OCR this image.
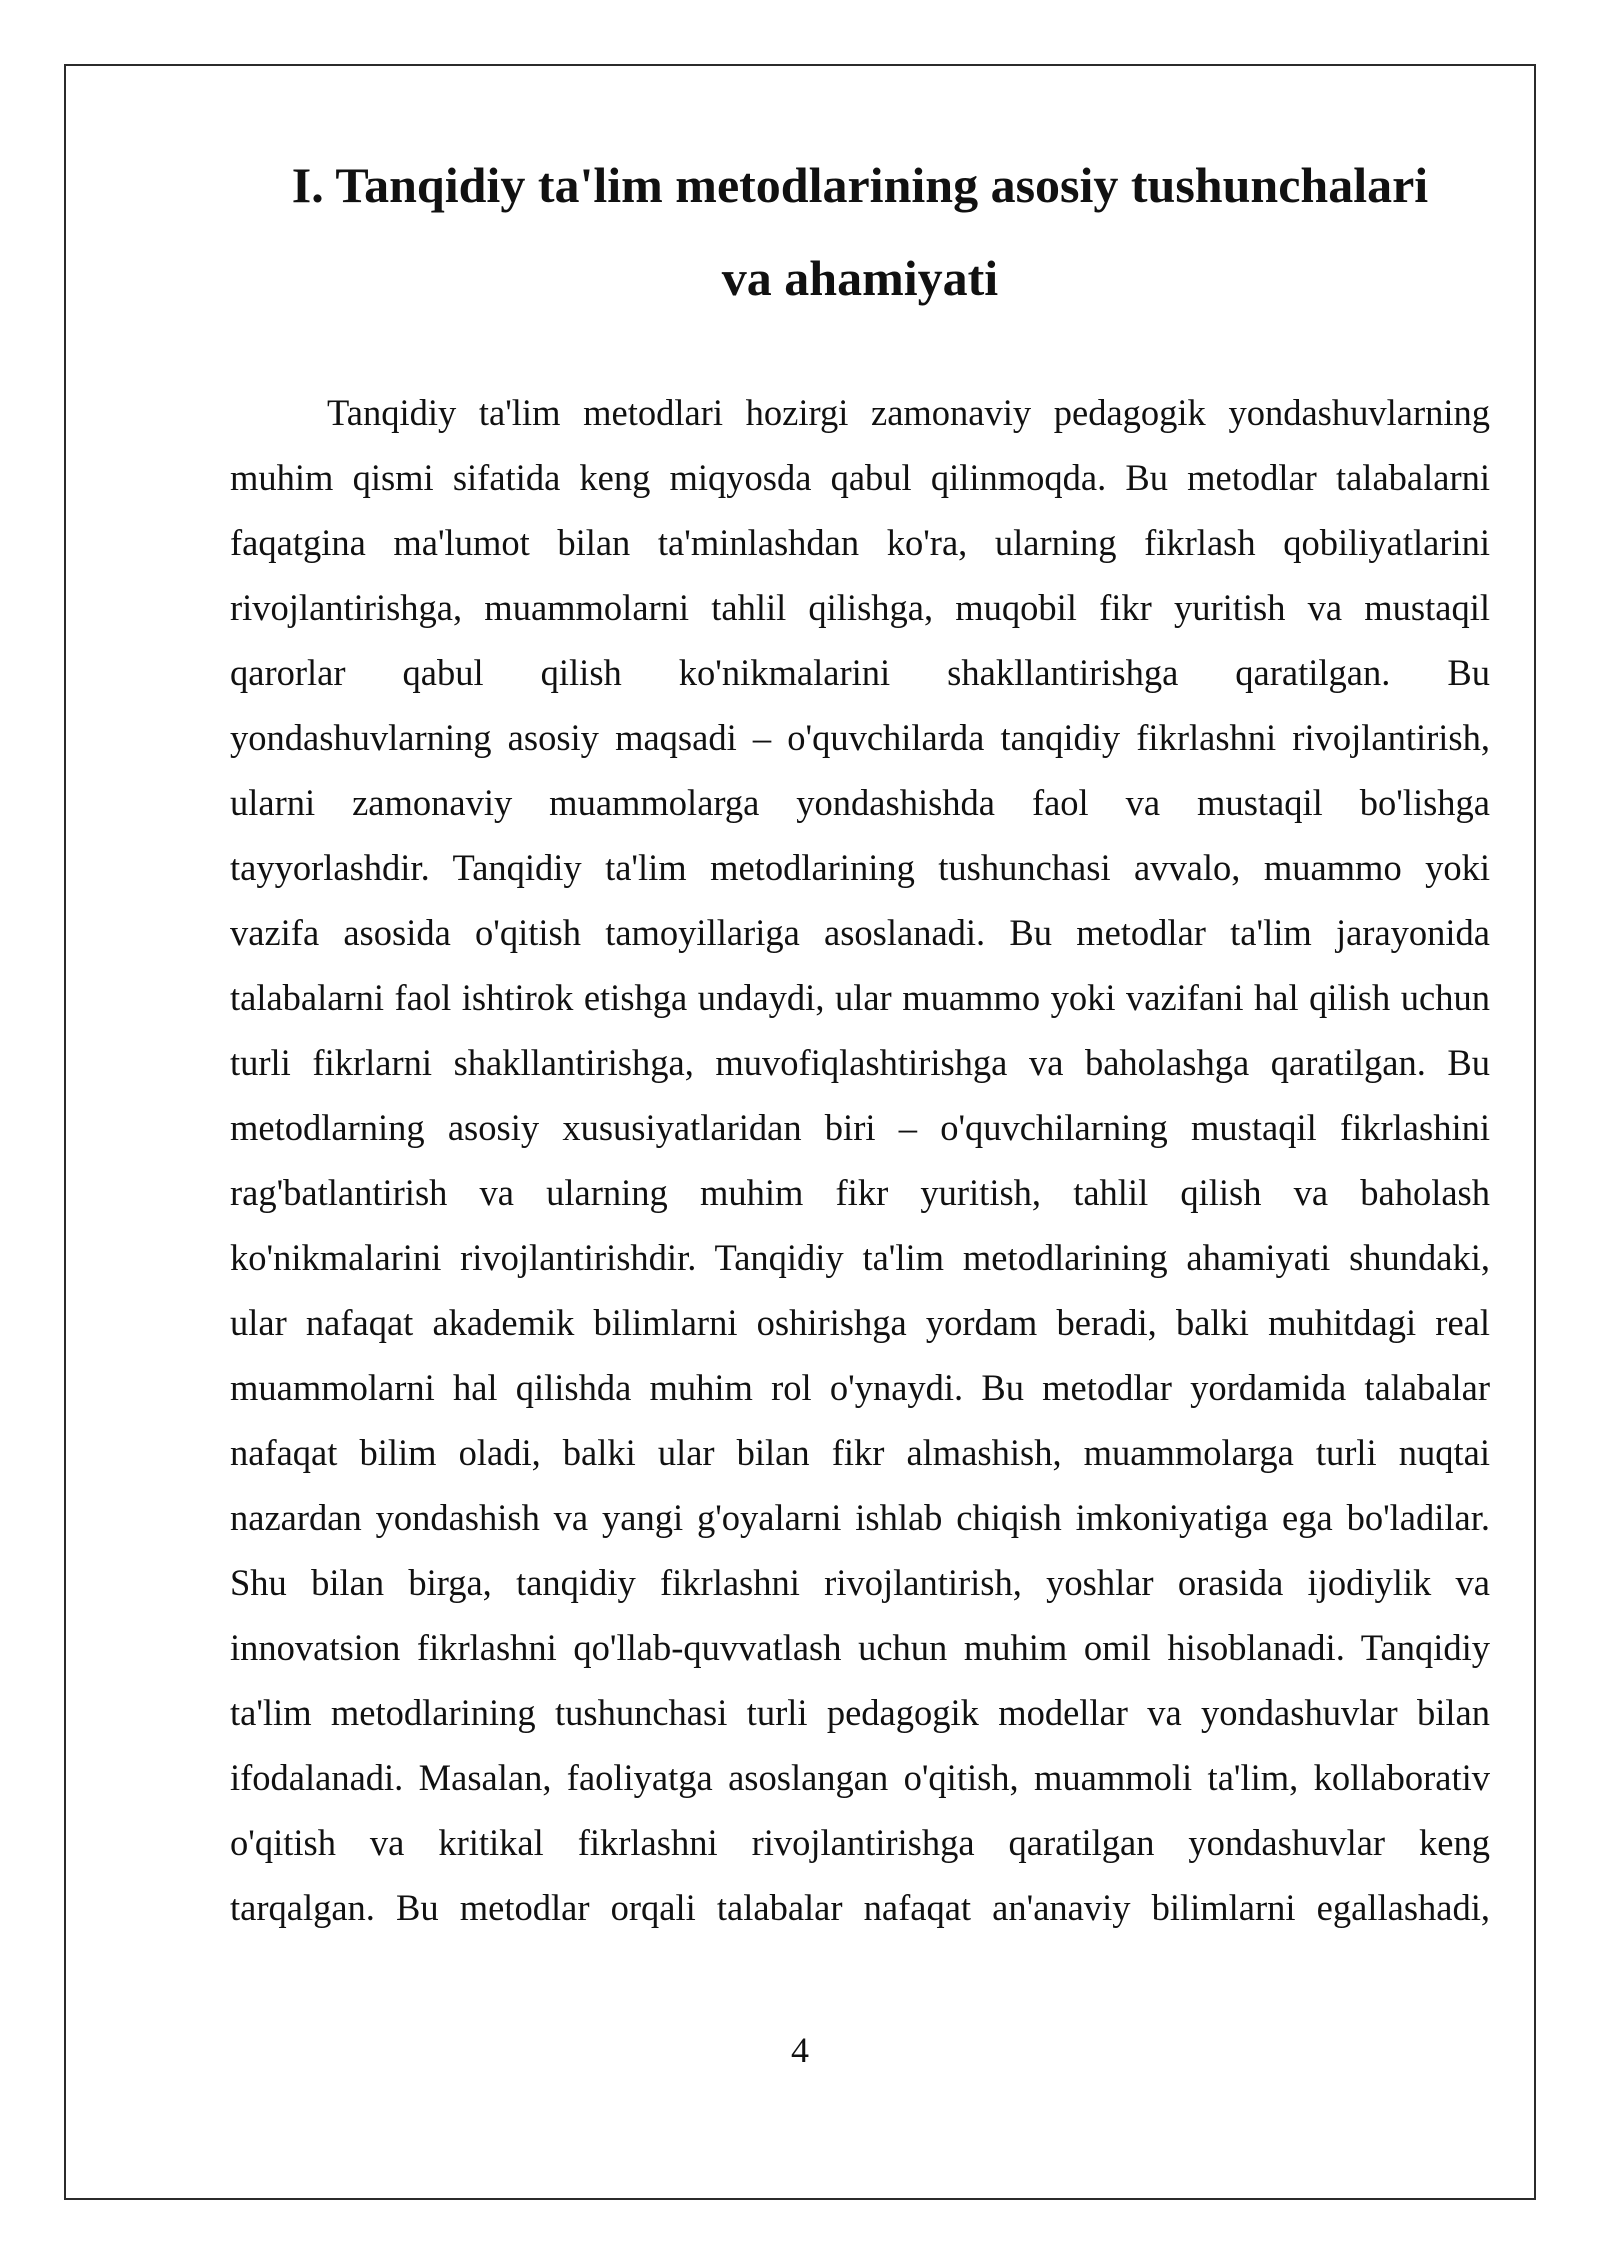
I. Tanqidiy ta'lim metodlarining asosiy tushunchalari
va ahamiyati
Tanqidiy ta'lim metodlari hozirgi zamonaviy pedagogik yondashuvlarning
muhim qismi sifatida keng miqyosda qabul qilinmoqda. Bu metodlar talabalarni
faqatgina ma'lumot bilan ta'minlashdan ko'ra, ularning fikrlash qobiliyatlarini
rivojlantirishga, muammolarni tahlil qilishga, muqobil fikr yuritish va mustaqil
qarorlar qabul qilish ko'nikmalarini shakllantirishga qaratilgan. Bu
yondashuvlarning asosiy maqsadi – o'quvchilarda tanqidiy fikrlashni rivojlantirish,
ularni zamonaviy muammolarga yondashishda faol va mustaqil bo'lishga
tayyorlashdir. Tanqidiy ta'lim metodlarining tushunchasi avvalo, muammo yoki
vazifa asosida o'qitish tamoyillariga asoslanadi. Bu metodlar ta'lim jarayonida
talabalarni faol ishtirok etishga undaydi, ular muammo yoki vazifani hal qilish uchun
turli fikrlarni shakllantirishga, muvofiqlashtirishga va baholashga qaratilgan. Bu
metodlarning asosiy xususiyatlaridan biri – o'quvchilarning mustaqil fikrlashini
rag'batlantirish va ularning muhim fikr yuritish, tahlil qilish va baholash
ko'nikmalarini rivojlantirishdir. Tanqidiy ta'lim metodlarining ahamiyati shundaki,
ular nafaqat akademik bilimlarni oshirishga yordam beradi, balki muhitdagi real
muammolarni hal qilishda muhim rol o'ynaydi. Bu metodlar yordamida talabalar
nafaqat bilim oladi, balki ular bilan fikr almashish, muammolarga turli nuqtai
nazardan yondashish va yangi g'oyalarni ishlab chiqish imkoniyatiga ega bo'ladilar.
Shu bilan birga, tanqidiy fikrlashni rivojlantirish, yoshlar orasida ijodiylik va
innovatsion fikrlashni qo'llab-quvvatlash uchun muhim omil hisoblanadi. Tanqidiy
ta'lim metodlarining tushunchasi turli pedagogik modellar va yondashuvlar bilan
ifodalanadi. Masalan, faoliyatga asoslangan o'qitish, muammoli ta'lim, kollaborativ
o'qitish va kritikal fikrlashni rivojlantirishga qaratilgan yondashuvlar keng
tarqalgan. Bu metodlar orqali talabalar nafaqat an'anaviy bilimlarni egallashadi,
4
